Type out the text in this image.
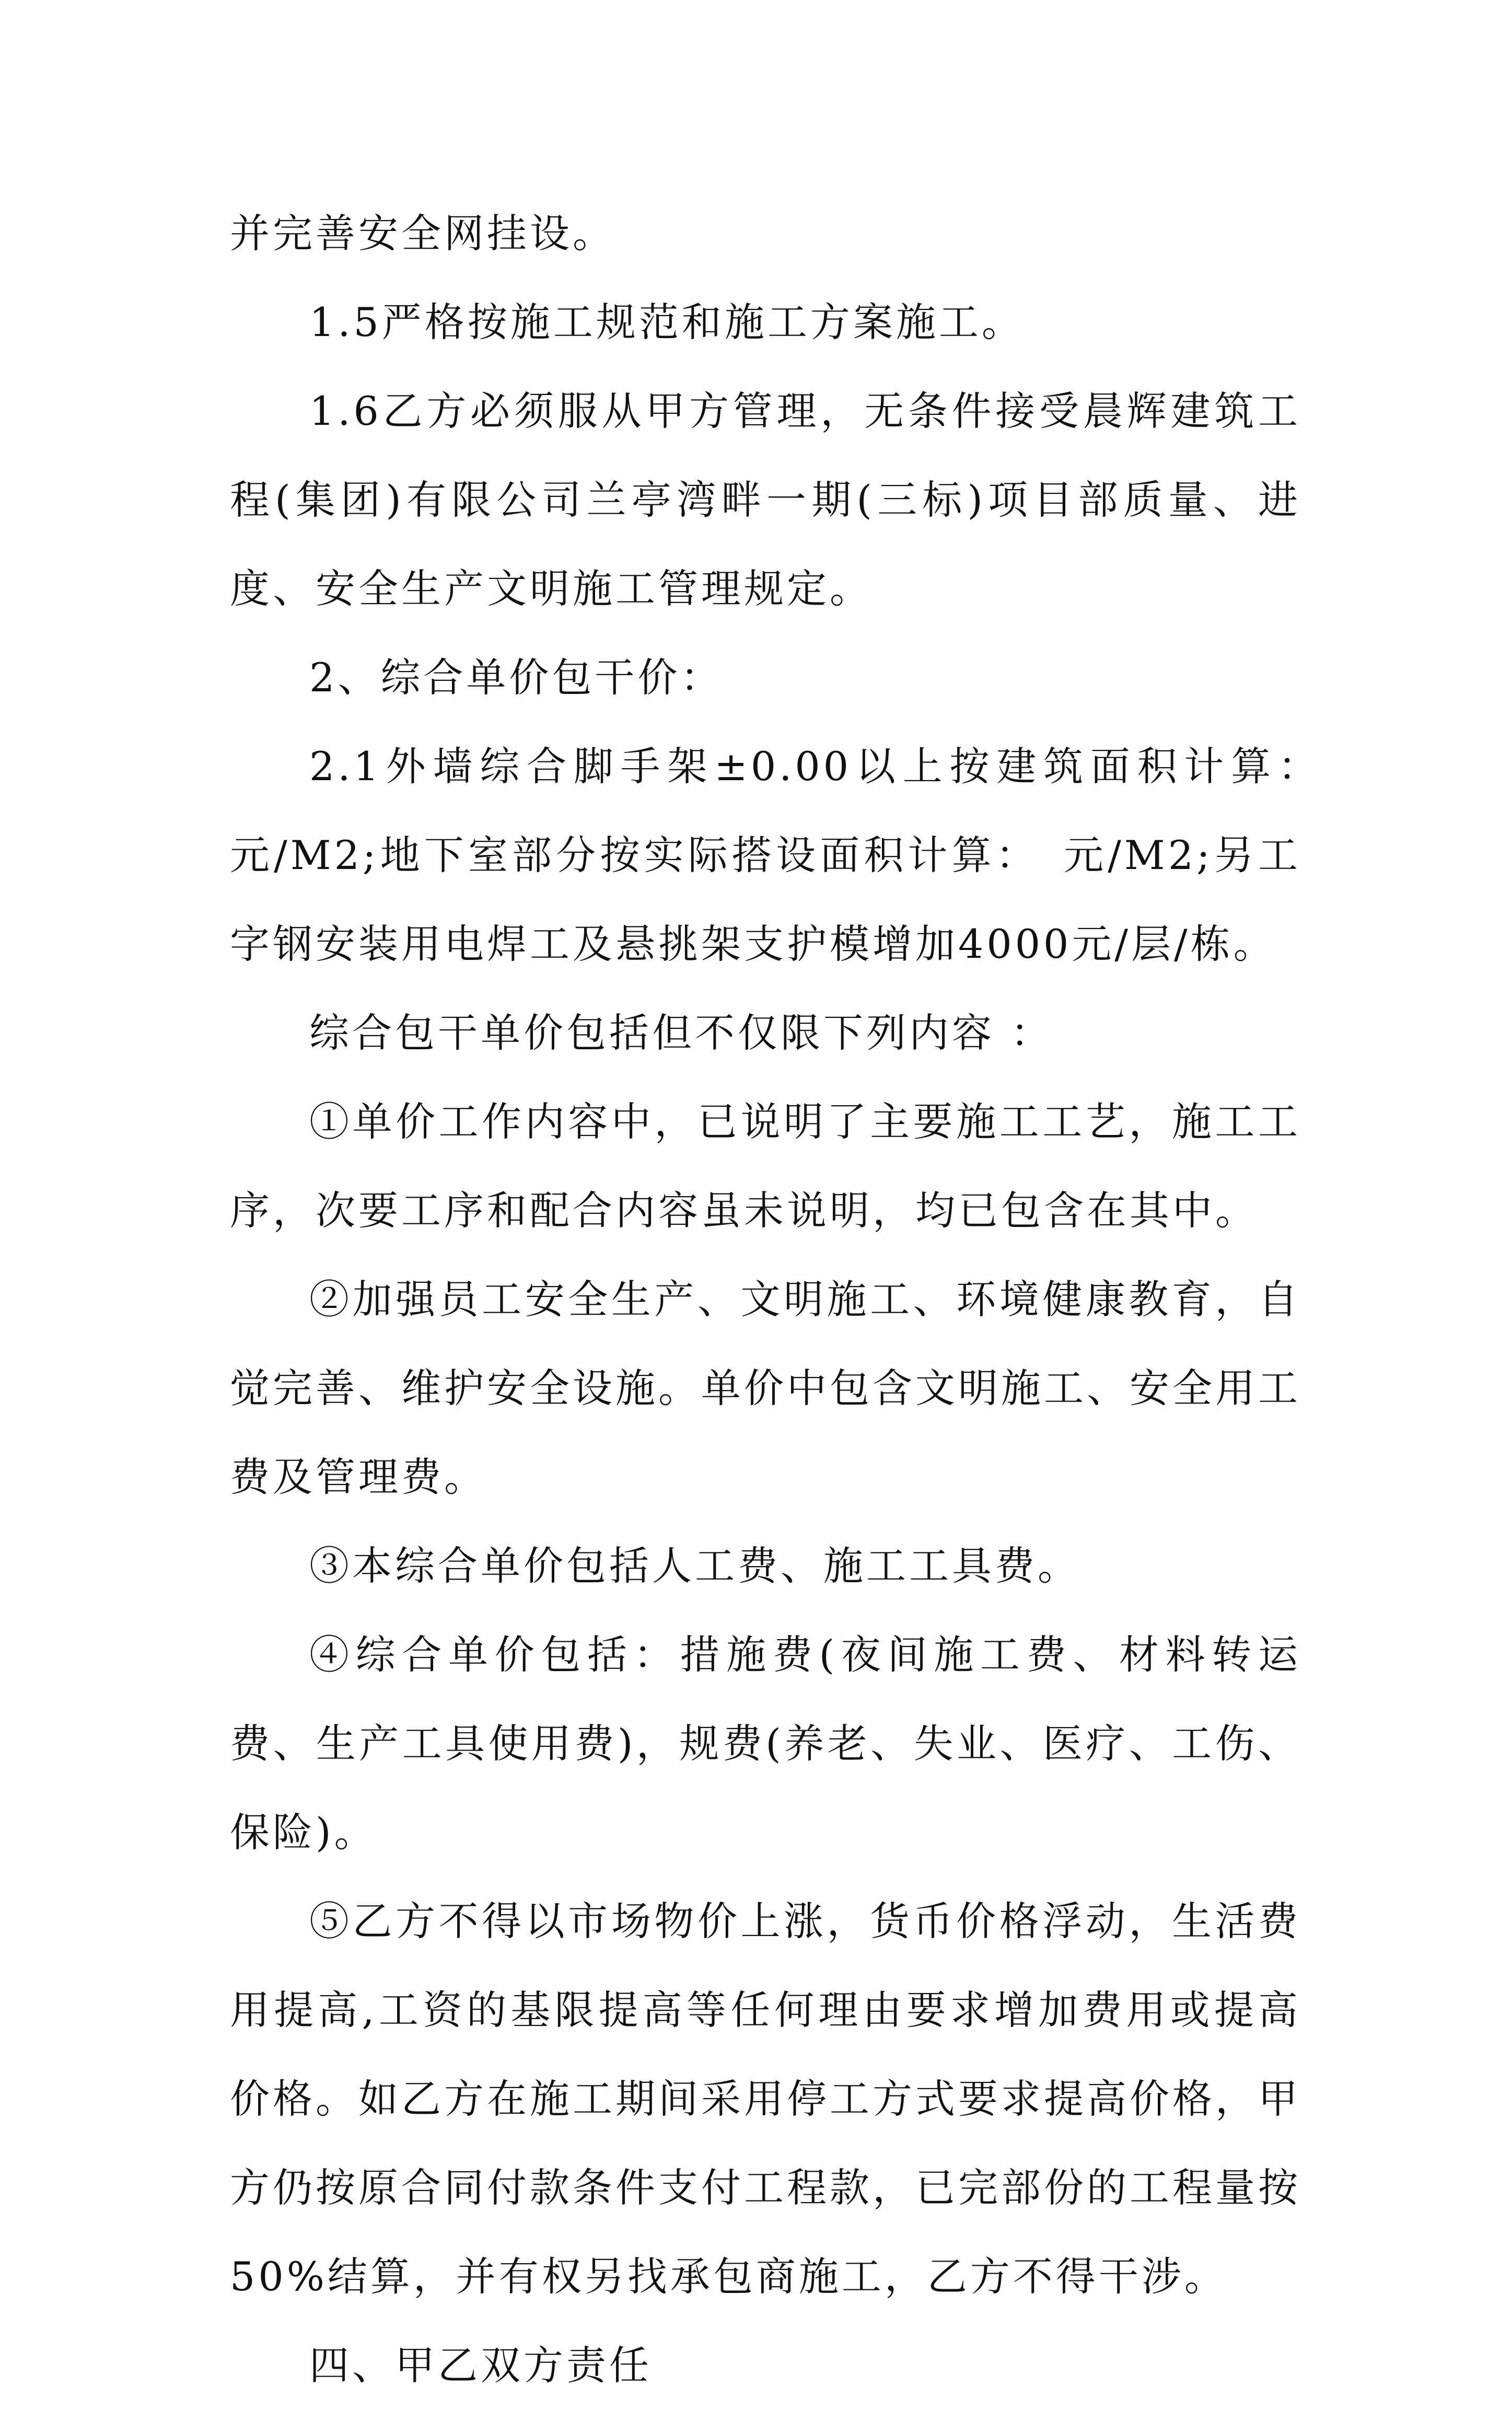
并完善安全网挂设。

1.5严格按施工规范和施工方案施工。

1.6乙方必须服从甲方管理，无条件接受晨辉建筑工程(集团)有限公司兰亭湾畔一期(三标)项目部质量、进度、安全生产文明施工管理规定。

2、综合单价包干价：

2.1外墙综合脚手架±0.00以上按建筑面积计算：　元/M2;地下室部分按实际搭设面积计算：　元/M2;另工字钢安装用电焊工及悬挑架支护模增加4000元/层/栋。

综合包干单价包括但不仅限下列内容 ：

①单价工作内容中，已说明了主要施工工艺，施工工序，次要工序和配合内容虽未说明，均已包含在其中。

②加强员工安全生产、文明施工、环境健康教育，自觉完善、维护安全设施。单价中包含文明施工、安全用工费及管理费。

③本综合单价包括人工费、施工工具费。

④综合单价包括：措施费(夜间施工费、材料转运费、生产工具使用费)，规费(养老、失业、医疗、工伤、保险)。

⑤乙方不得以市场物价上涨，货币价格浮动，生活费用提高,工资的基限提高等任何理由要求增加费用或提高价格。如乙方在施工期间采用停工方式要求提高价格，甲方仍按原合同付款条件支付工程款，已完部份的工程量按50%结算，并有权另找承包商施工，乙方不得干涉。

四、甲乙双方责任
